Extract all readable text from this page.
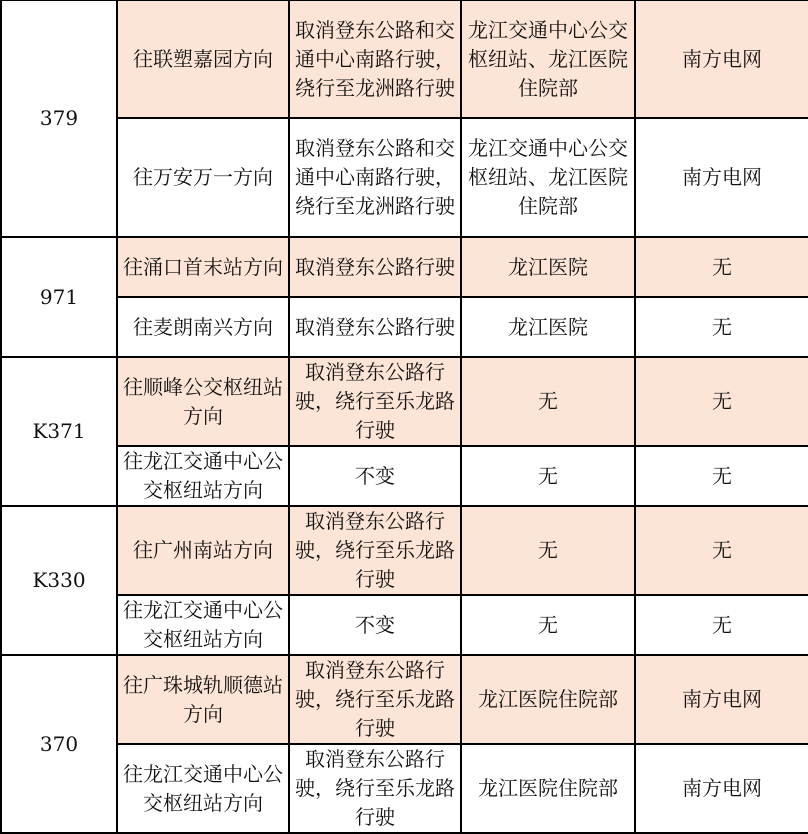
379	往联塑嘉园方向	取消登东公路和交通中心南路行驶，绕行至龙洲路行驶	龙江交通中心公交枢纽站、龙江医院住院部	南方电网
	往万安万一方向	取消登东公路和交通中心南路行驶，绕行至龙洲路行驶	龙江交通中心公交枢纽站、龙江医院住院部	南方电网
971	往涌口首末站方向	取消登东公路行驶	龙江医院	无
	往麦朗南兴方向	取消登东公路行驶	龙江医院	无
K371	往顺峰公交枢纽站方向	取消登东公路行驶，绕行至乐龙路行驶	无	无
	往龙江交通中心公交枢纽站方向	不变	无	无
K330	往广州南站方向	取消登东公路行驶，绕行至乐龙路行驶	无	无
	往龙江交通中心公交枢纽站方向	不变	无	无
370	往广珠城轨顺德站方向	取消登东公路行驶，绕行至乐龙路行驶	龙江医院住院部	南方电网
	往龙江交通中心公交枢纽站方向	取消登东公路行驶，绕行至乐龙路行驶	龙江医院住院部	南方电网
